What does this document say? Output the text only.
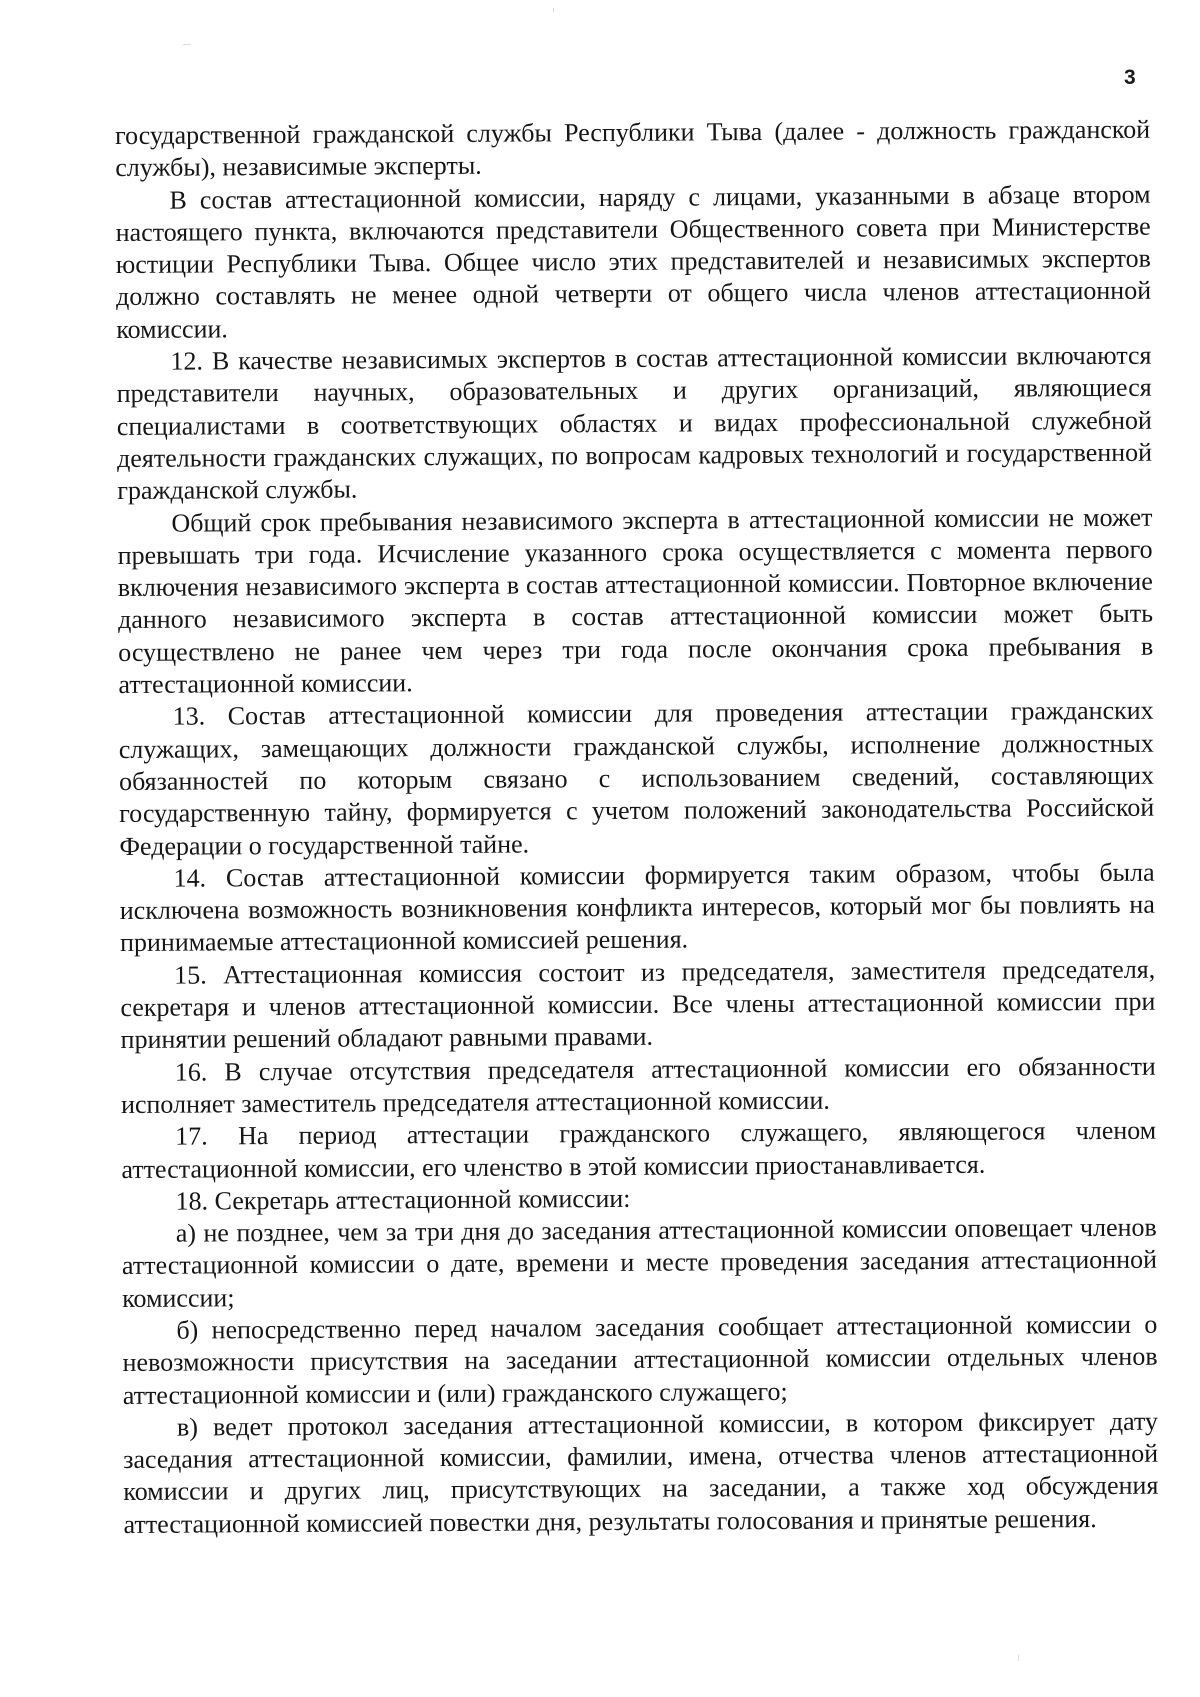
3

государственной гражданской службы Республики Тыва (далее - должность гражданской службы), независимые эксперты.

В состав аттестационной комиссии, наряду с лицами, указанными в абзаце втором настоящего пункта, включаются представители Общественного совета при Министерстве юстиции Республики Тыва. Общее число этих представителей и независимых экспертов должно составлять не менее одной четверти от общего числа членов аттестационной комиссии.

12. В качестве независимых экспертов в состав аттестационной комиссии включаются представители научных, образовательных и других организаций, являющиеся специалистами в соответствующих областях и видах профессиональной служебной деятельности гражданских служащих, по вопросам кадровых технологий и государственной гражданской службы.

Общий срок пребывания независимого эксперта в аттестационной комиссии не может превышать три года. Исчисление указанного срока осуществляется с момента первого включения независимого эксперта в состав аттестационной комиссии. Повторное включение данного независимого эксперта в состав аттестационной комиссии может быть осуществлено не ранее чем через три года после окончания срока пребывания в аттестационной комиссии.

13. Состав аттестационной комиссии для проведения аттестации гражданских служащих, замещающих должности гражданской службы, исполнение должностных обязанностей по которым связано с использованием сведений, составляющих государственную тайну, формируется с учетом положений законодательства Российской Федерации о государственной тайне.

14. Состав аттестационной комиссии формируется таким образом, чтобы была исключена возможность возникновения конфликта интересов, который мог бы повлиять на принимаемые аттестационной комиссией решения.

15. Аттестационная комиссия состоит из председателя, заместителя председателя, секретаря и членов аттестационной комиссии. Все члены аттестационной комиссии при принятии решений обладают равными правами.

16. В случае отсутствия председателя аттестационной комиссии его обязанности исполняет заместитель председателя аттестационной комиссии.

17. На период аттестации гражданского служащего, являющегося членом аттестационной комиссии, его членство в этой комиссии приостанавливается.

18. Секретарь аттестационной комиссии:

а) не позднее, чем за три дня до заседания аттестационной комиссии оповещает членов аттестационной комиссии о дате, времени и месте проведения заседания аттестационной комиссии;

б) непосредственно перед началом заседания сообщает аттестационной комиссии о невозможности присутствия на заседании аттестационной комиссии отдельных членов аттестационной комиссии и (или) гражданского служащего;

в) ведет протокол заседания аттестационной комиссии, в котором фиксирует дату заседания аттестационной комиссии, фамилии, имена, отчества членов аттестационной комиссии и других лиц, присутствующих на заседании, а также ход обсуждения аттестационной комиссией повестки дня, результаты голосования и принятые решения.
